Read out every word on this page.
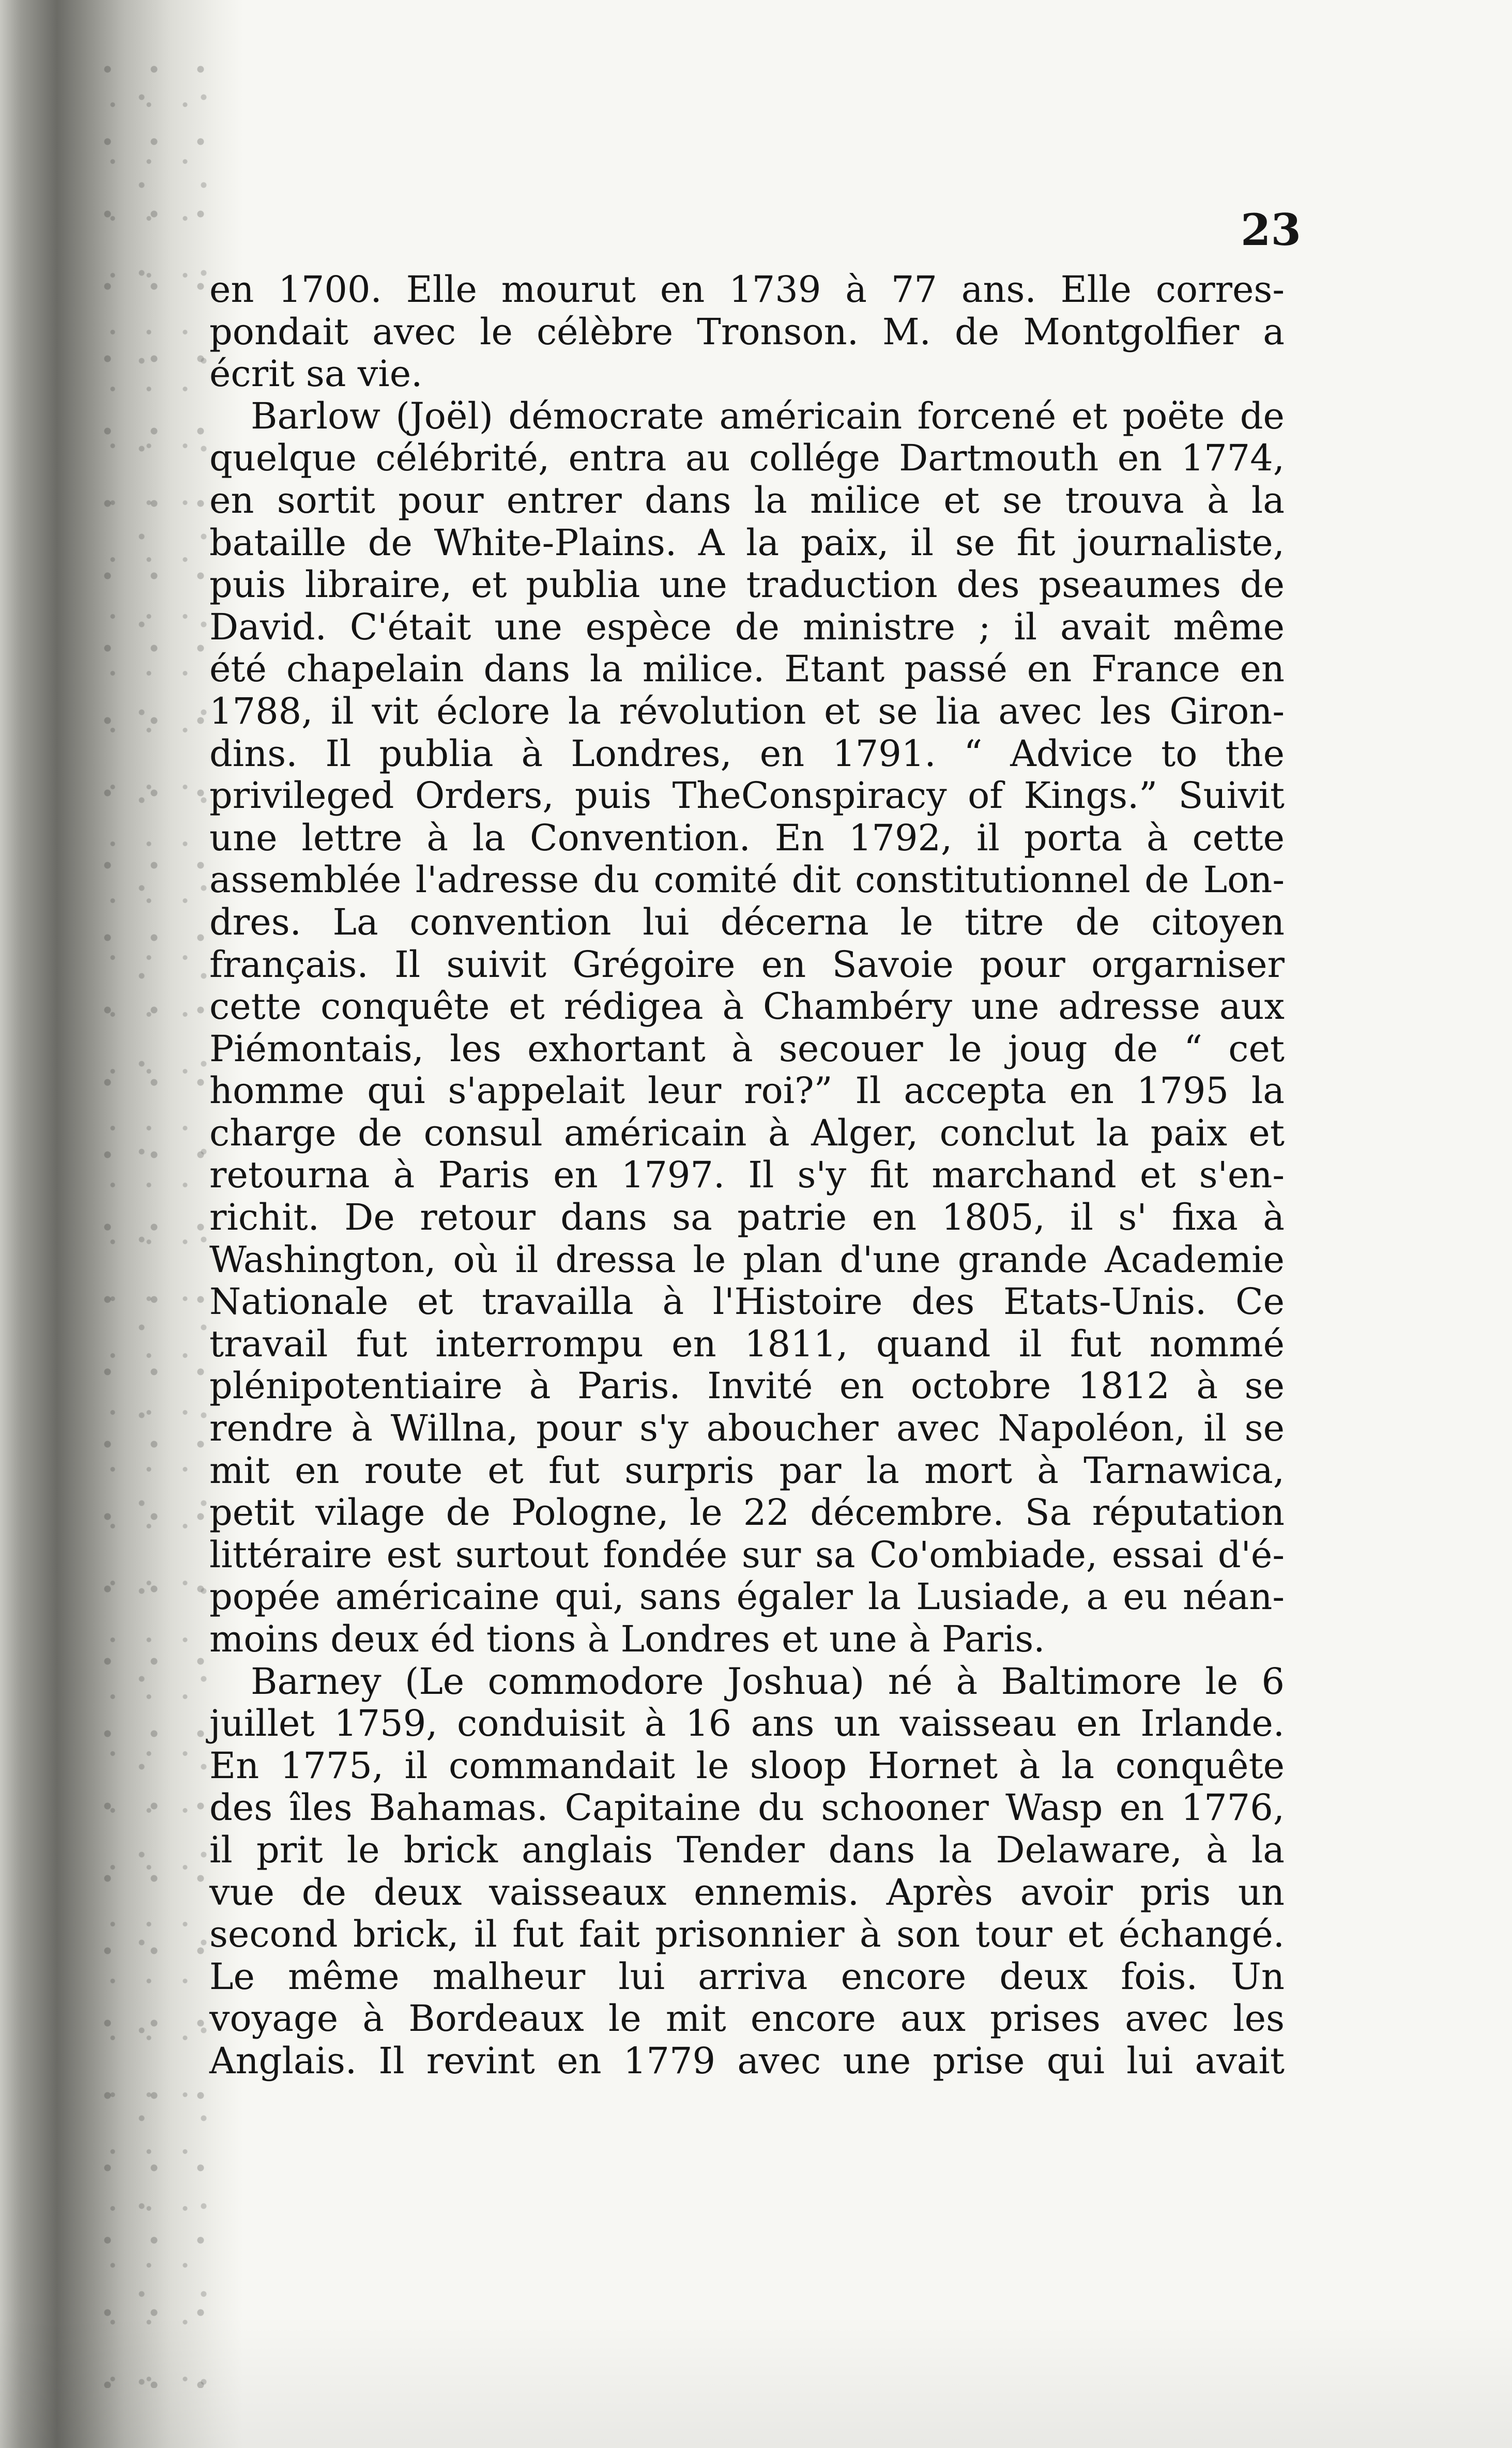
23
en 1700. Elle mourut en 1739 à 77 ans. Elle corres-
pondait avec le célèbre Tronson. M. de Montgolfier a
écrit sa vie.
Barlow (Joël) démocrate américain forcené et poëte de
quelque célébrité, entra au collége Dartmouth en 1774,
en sortit pour entrer dans la milice et se trouva à la
bataille de White-Plains. A la paix, il se fit journaliste,
puis libraire, et publia une traduction des pseaumes de
David. C'était une espèce de ministre ; il avait même
été chapelain dans la milice. Etant passé en France en
1788, il vit éclore la révolution et se lia avec les Giron-
dins. Il publia à Londres, en 1791. “ Advice to the
privileged Orders, puis TheConspiracy of Kings.” Suivit
une lettre à la Convention. En 1792, il porta à cette
assemblée l'adresse du comité dit constitutionnel de Lon-
dres. La convention lui décerna le titre de citoyen
français. Il suivit Grégoire en Savoie pour orgarniser
cette conquête et rédigea à Chambéry une adresse aux
Piémontais, les exhortant à secouer le joug de “ cet
homme qui s'appelait leur roi?” Il accepta en 1795 la
charge de consul américain à Alger, conclut la paix et
retourna à Paris en 1797. Il s'y fit marchand et s'en-
richit. De retour dans sa patrie en 1805, il s' fixa à
Washington, où il dressa le plan d'une grande Academie
Nationale et travailla à l'Histoire des Etats-Unis. Ce
travail fut interrompu en 1811, quand il fut nommé
plénipotentiaire à Paris. Invité en octobre 1812 à se
rendre à Willna, pour s'y aboucher avec Napoléon, il se
mit en route et fut surpris par la mort à Tarnawica,
petit vilage de Pologne, le 22 décembre. Sa réputation
littéraire est surtout fondée sur sa Co'ombiade, essai d'é-
popée américaine qui, sans égaler la Lusiade, a eu néan-
moins deux éd tions à Londres et une à Paris.
Barney (Le commodore Joshua) né à Baltimore le 6
juillet 1759, conduisit à 16 ans un vaisseau en Irlande.
En 1775, il commandait le sloop Hornet à la conquête
des îles Bahamas. Capitaine du schooner Wasp en 1776,
il prit le brick anglais Tender dans la Delaware, à la
vue de deux vaisseaux ennemis. Après avoir pris un
second brick, il fut fait prisonnier à son tour et échangé.
Le même malheur lui arriva encore deux fois. Un
voyage à Bordeaux le mit encore aux prises avec les
Anglais. Il revint en 1779 avec une prise qui lui avait
